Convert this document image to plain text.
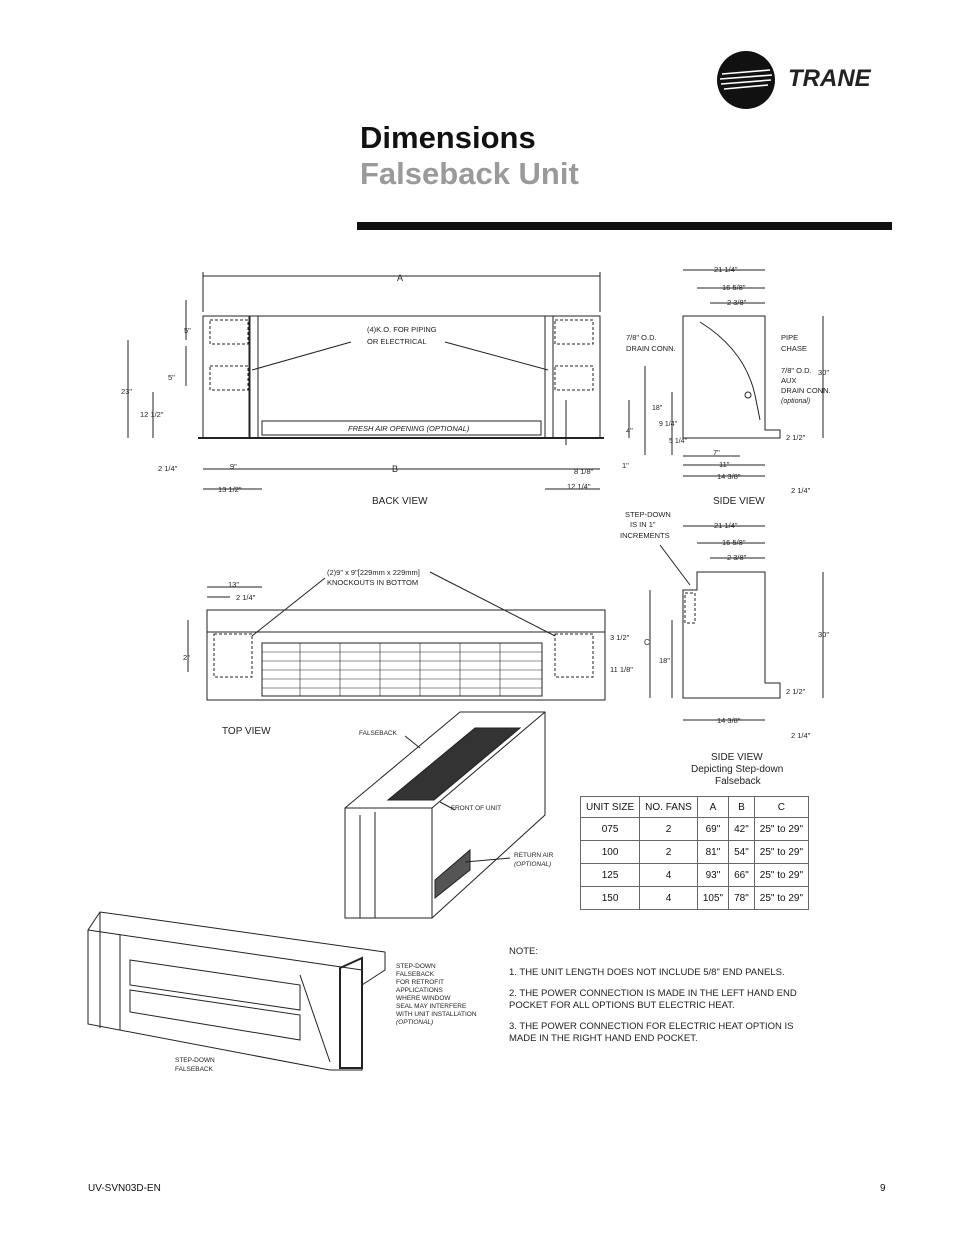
TRANE
Dimensions
Falseback Unit
A
5"
5"
23"
12 1/2"
2 1/4"	9"
13 1/2"
B
4"
1"
8 1/8"
12 1/4"
(4)K.O. FOR PIPING
OR ELECTRICAL
FRESH AIR OPENING (OPTIONAL)
BACK VIEW
21 1/4"
16 5/8"
2 3/8"
7/8" O.D.
DRAIN CONN.
PIPE
CHASE
7/8" O.D.
AUX
DRAIN CONN.
(optional)
30"
18"
9 1/4"
5 1/4"	2 1/2"
7"
11"
14 3/8"
2 1/4"
SIDE VIEW
13"
2 1/4"
2"
3 1/2"
11 1/8"
(2)9" x 9"[229mm x 229mm]
KNOCKOUTS IN BOTTOM
TOP VIEW
STEP-DOWN
IS IN 1"
INCREMENTS
21 1/4"
16 5/8"
2 3/8"
C
18"
30"
2 1/2"
14 3/8"
2 1/4"
SIDE VIEW
Depicting Step-down
Falseback
FALSEBACK
FRONT OF UNIT
RETURN AIR
(OPTIONAL)
STEP-DOWN
FALSEBACK
FOR RETROFIT
APPLICATIONS
WHERE WINDOW
SEAL MAY INTERFERE
WITH UNIT INSTALLATION
(OPTIONAL)
STEP-DOWN
FALSEBACK
UNIT SIZE	NO. FANS	A	B	C
075	2	69"	42"	25" to 29"
100	2	81"	54"	25" to 29"
125	4	93"	66"	25" to 29"
150	4	105"	78"	25" to 29"
NOTE:
1. THE UNIT LENGTH DOES NOT INCLUDE 5/8" END PANELS.
2. THE POWER CONNECTION IS MADE IN THE LEFT HAND END POCKET FOR ALL OPTIONS BUT ELECTRIC HEAT.
3. THE POWER CONNECTION FOR ELECTRIC HEAT OPTION IS MADE IN THE RIGHT HAND END POCKET.
UV-SVN03D-EN	9
